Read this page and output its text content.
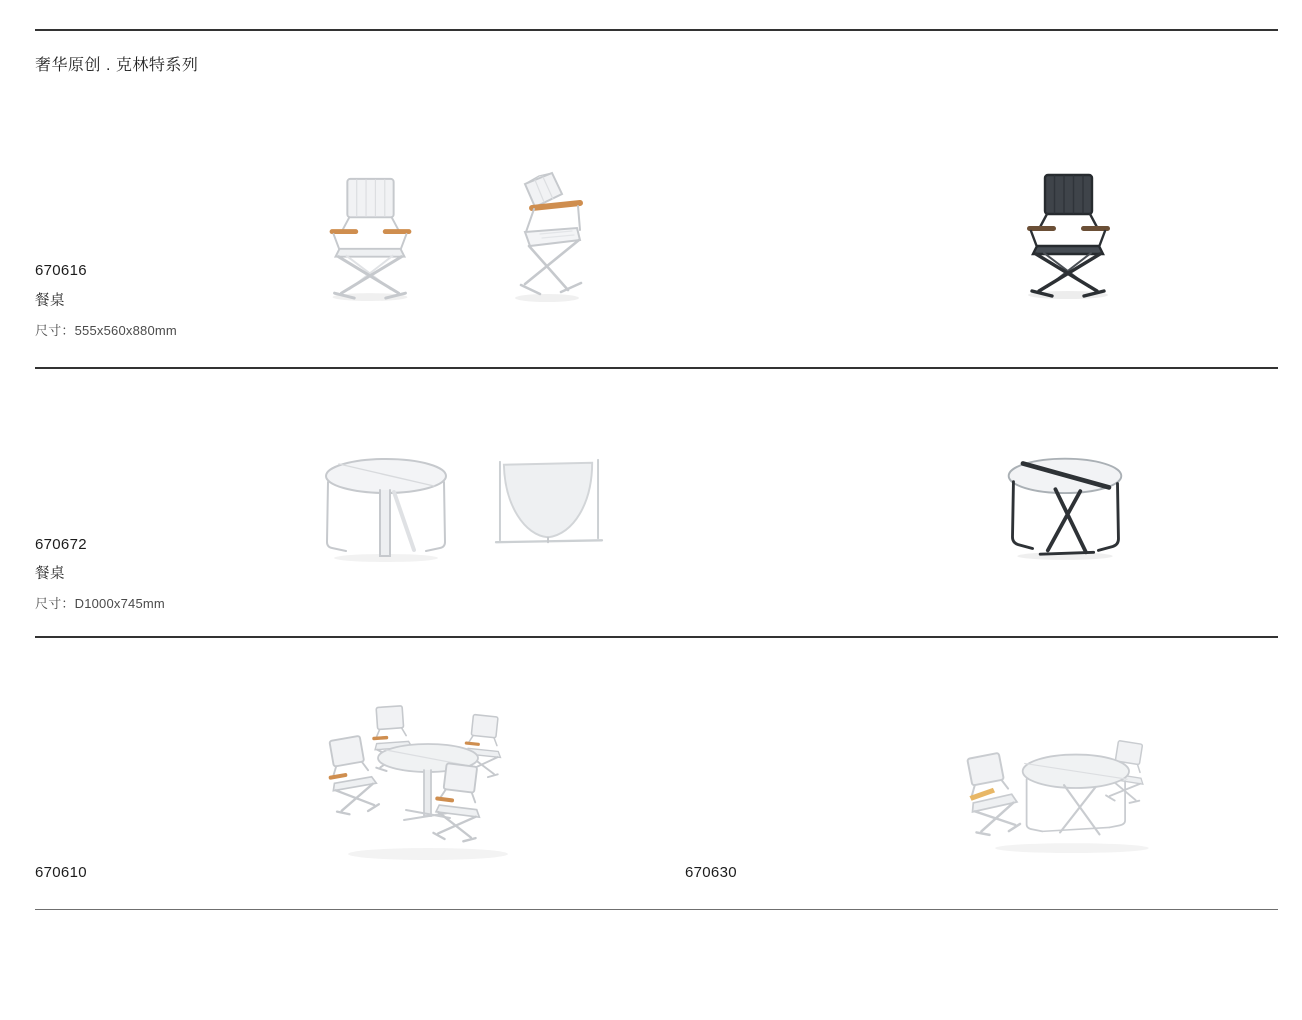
奢华原创 . 克林特系列
670616
餐桌
尺寸：555x560x880mm
670672
餐桌
尺寸：D1000x745mm
670610	670630
